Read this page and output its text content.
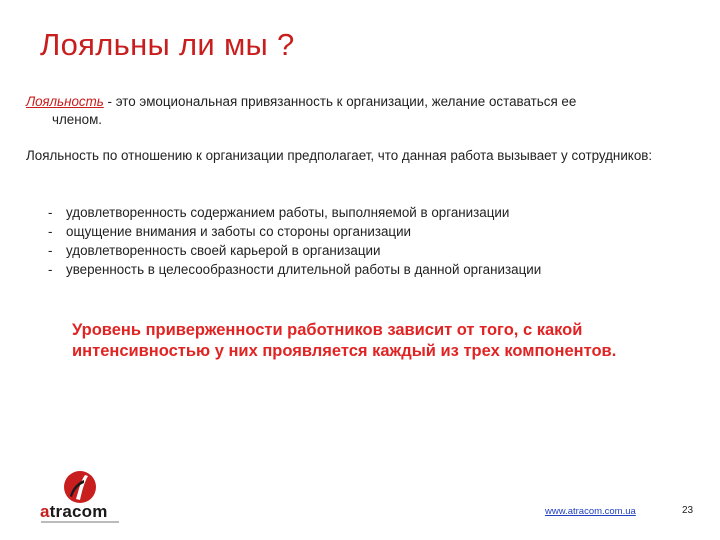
Лояльны ли мы ?
Лояльность - это эмоциональная привязанность к организации, желание оставаться ее
членом.
Лояльность по отношению к организации предполагает, что данная работа вызывает у сотрудников:
- удовлетворенность содержанием работы, выполняемой в организации
- ощущение внимания и заботы со стороны организации
- удовлетворенность своей карьерой в организации
- уверенность в целесообразности длительной работы в данной организации
Уровень приверженности работников зависит от того, с какой интенсивностью у них проявляется каждый из трех компонентов.
atracom	www.atracom.com.ua	23
